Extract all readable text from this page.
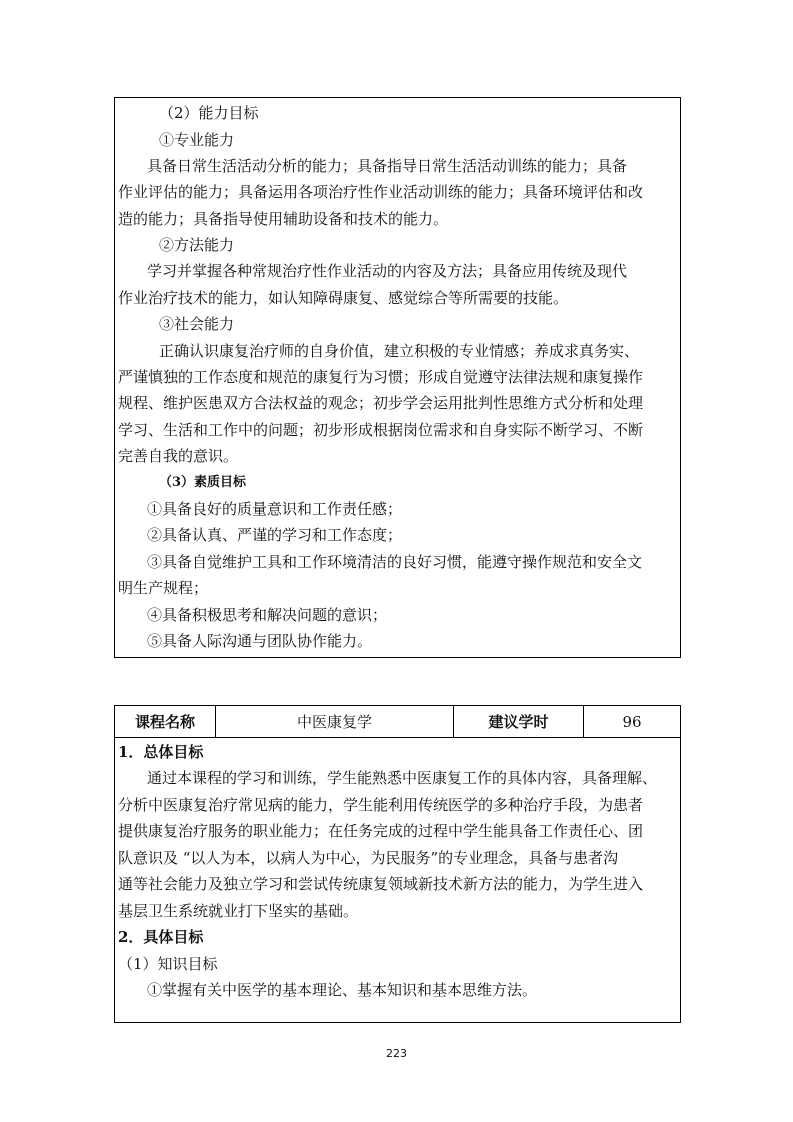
（2）能力目标
①专业能力
具备日常生活活动分析的能力；具备指导日常生活活动训练的能力；具备
作业评估的能力；具备运用各项治疗性作业活动训练的能力；具备环境评估和改
造的能力；具备指导使用辅助设备和技术的能力。
②方法能力
学习并掌握各种常规治疗性作业活动的内容及方法；具备应用传统及现代
作业治疗技术的能力，如认知障碍康复、感觉综合等所需要的技能。
③社会能力
正确认识康复治疗师的自身价值，建立积极的专业情感；养成求真务实、
严谨慎独的工作态度和规范的康复行为习惯；形成自觉遵守法律法规和康复操作
规程、维护医患双方合法权益的观念；初步学会运用批判性思维方式分析和处理
学习、生活和工作中的问题；初步形成根据岗位需求和自身实际不断学习、不断
完善自我的意识。
（3）素质目标
①具备良好的质量意识和工作责任感；
②具备认真、严谨的学习和工作态度；
③具备自觉维护工具和工作环境清洁的良好习惯，能遵守操作规范和安全文
明生产规程；
④具备积极思考和解决问题的意识；
⑤具备人际沟通与团队协作能力。
课程名称	中医康复学	建议学时	96
1．总体目标
通过本课程的学习和训练，学生能熟悉中医康复工作的具体内容，具备理解、
分析中医康复治疗常见病的能力，学生能利用传统医学的多种治疗手段，为患者
提供康复治疗服务的职业能力；在任务完成的过程中学生能具备工作责任心、团
队意识及 “以人为本，以病人为中心，为民服务”的专业理念，具备与患者沟
通等社会能力及独立学习和尝试传统康复领域新技术新方法的能力，为学生进入
基层卫生系统就业打下坚实的基础。
2．具体目标
（1）知识目标
①掌握有关中医学的基本理论、基本知识和基本思维方法。
223
